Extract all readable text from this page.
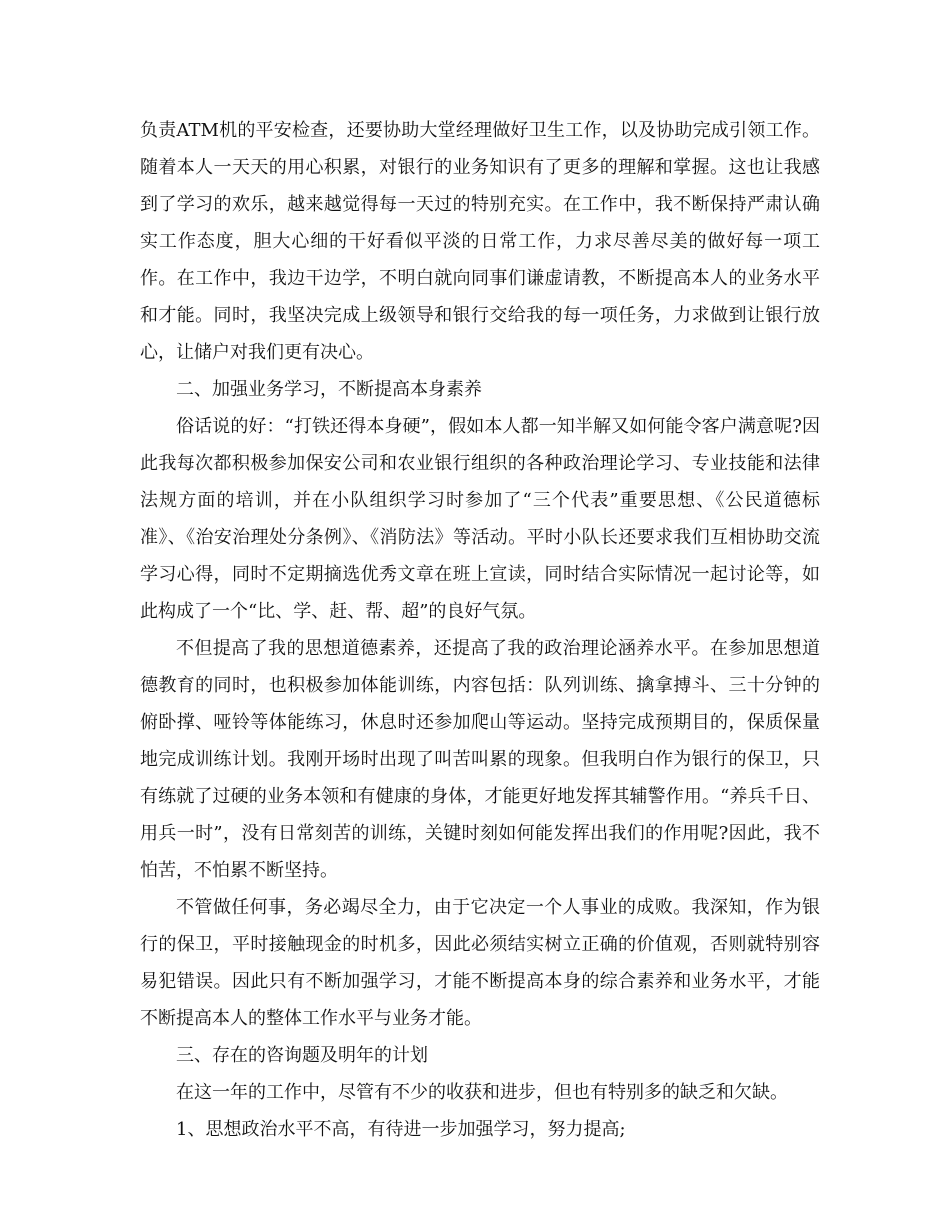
负责ATM机的平安检查，还要协助大堂经理做好卫生工作，以及协助完成引领工作。随着本人一天天的用心积累，对银行的业务知识有了更多的理解和掌握。这也让我感到了学习的欢乐，越来越觉得每一天过的特别充实。在工作中，我不断保持严肃认确实工作态度，胆大心细的干好看似平淡的日常工作，力求尽善尽美的做好每一项工作。在工作中，我边干边学，不明白就向同事们谦虚请教，不断提高本人的业务水平和才能。同时，我坚决完成上级领导和银行交给我的每一项任务，力求做到让银行放心，让储户对我们更有决心。

二、加强业务学习，不断提高本身素养

俗话说的好：“打铁还得本身硬”，假如本人都一知半解又如何能令客户满意呢?因此我每次都积极参加保安公司和农业银行组织的各种政治理论学习、专业技能和法律法规方面的培训，并在小队组织学习时参加了“三个代表”重要思想、《公民道德标准》、《治安治理处分条例》、《消防法》等活动。平时小队长还要求我们互相协助交流学习心得，同时不定期摘选优秀文章在班上宣读，同时结合实际情况一起讨论等，如此构成了一个“比、学、赶、帮、超”的良好气氛。

不但提高了我的思想道德素养，还提高了我的政治理论涵养水平。在参加思想道德教育的同时，也积极参加体能训练，内容包括：队列训练、擒拿搏斗、三十分钟的俯卧撑、哑铃等体能练习，休息时还参加爬山等运动。坚持完成预期目的，保质保量地完成训练计划。我刚开场时出现了叫苦叫累的现象。但我明白作为银行的保卫，只有练就了过硬的业务本领和有健康的身体，才能更好地发挥其辅警作用。“养兵千日、用兵一时”，没有日常刻苦的训练，关键时刻如何能发挥出我们的作用呢?因此，我不怕苦，不怕累不断坚持。

不管做任何事，务必竭尽全力，由于它决定一个人事业的成败。我深知，作为银行的保卫，平时接触现金的时机多，因此必须结实树立正确的价值观，否则就特别容易犯错误。因此只有不断加强学习，才能不断提高本身的综合素养和业务水平，才能不断提高本人的整体工作水平与业务才能。

三、存在的咨询题及明年的计划

在这一年的工作中，尽管有不少的收获和进步，但也有特别多的缺乏和欠缺。

1、思想政治水平不高，有待进一步加强学习，努力提高;
